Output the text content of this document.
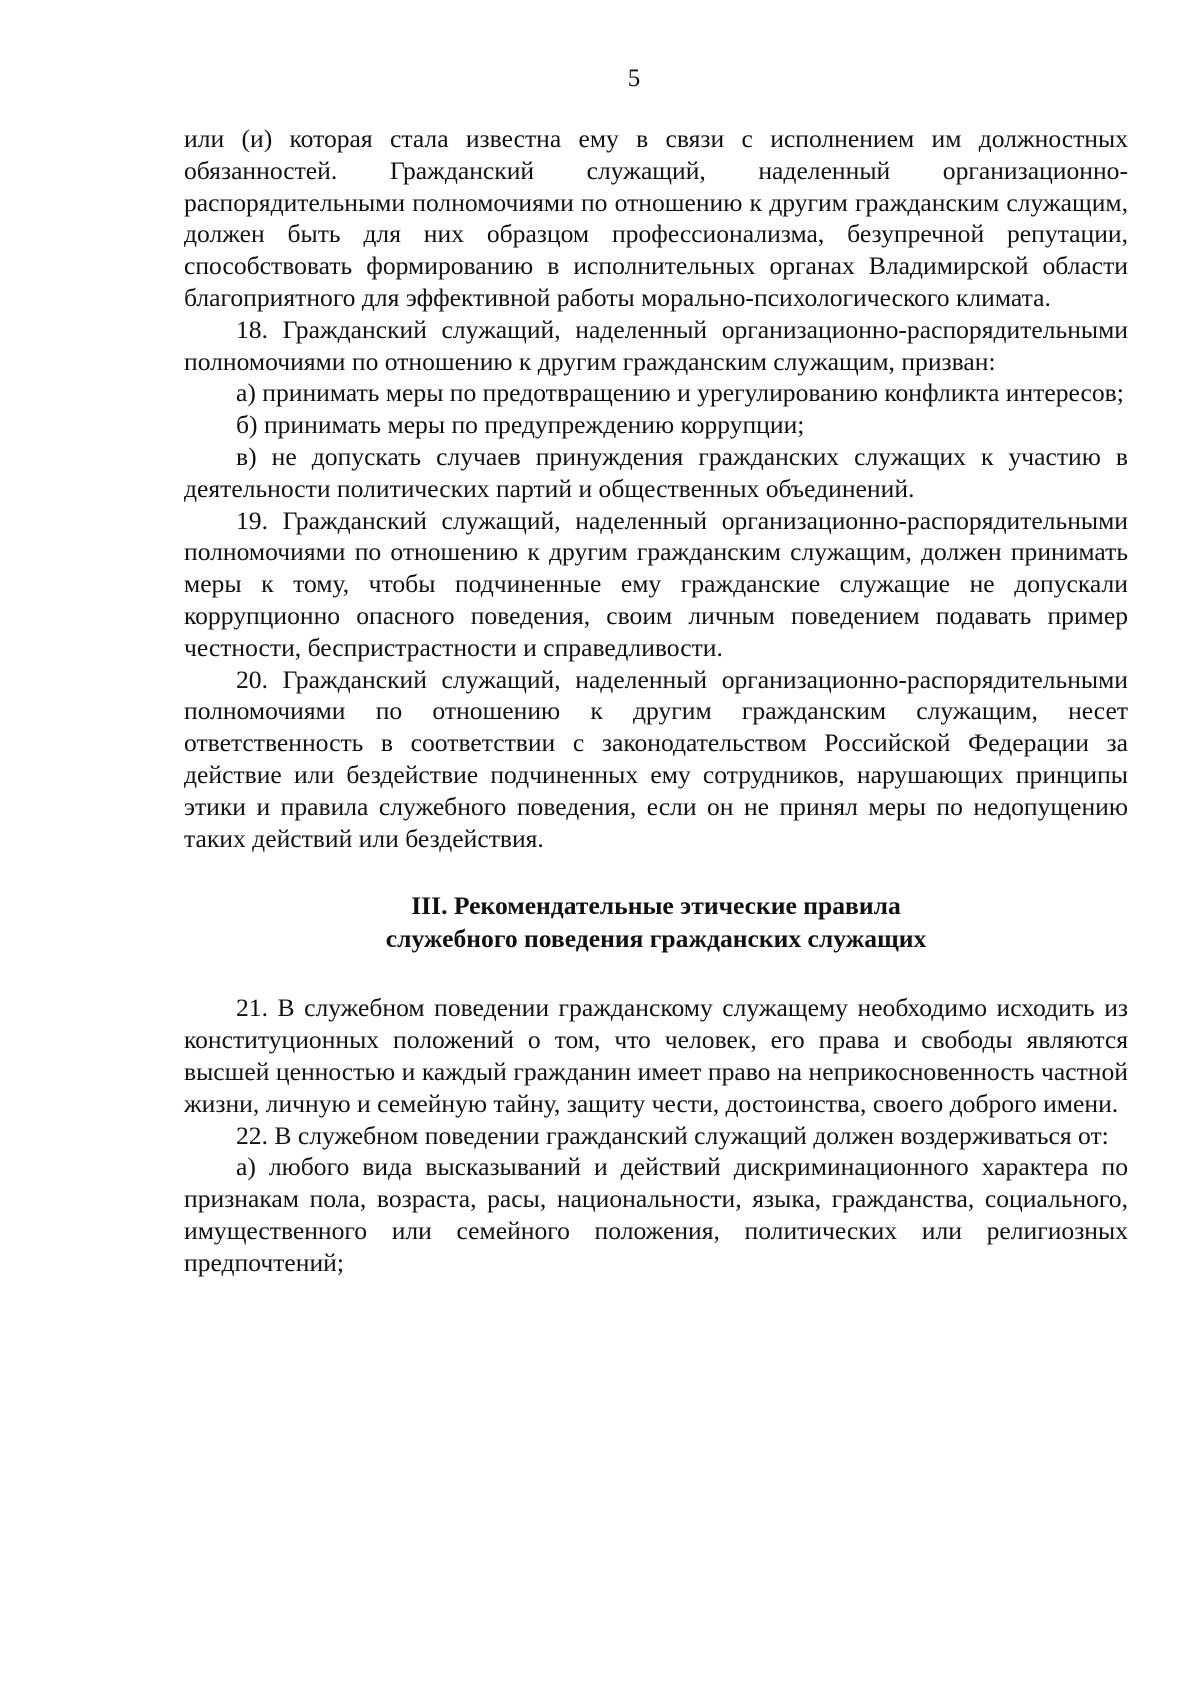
5

или (и) которая стала известна ему в связи с исполнением им должностных обязанностей. Гражданский служащий, наделенный организационно-распорядительными полномочиями по отношению к другим гражданским служащим, должен быть для них образцом профессионализма, безупречной репутации, способствовать формированию в исполнительных органах Владимирской области благоприятного для эффективной работы морально-психологического климата.

18. Гражданский служащий, наделенный организационно-распорядительными полномочиями по отношению к другим гражданским служащим, призван:

а) принимать меры по предотвращению и урегулированию конфликта интересов;

б) принимать меры по предупреждению коррупции;

в) не допускать случаев принуждения гражданских служащих к участию в деятельности политических партий и общественных объединений.

19. Гражданский служащий, наделенный организационно-распорядительными полномочиями по отношению к другим гражданским служащим, должен принимать меры к тому, чтобы подчиненные ему гражданские служащие не допускали коррупционно опасного поведения, своим личным поведением подавать пример честности, беспристрастности и справедливости.

20. Гражданский служащий, наделенный организационно-распорядительными полномочиями по отношению к другим гражданским служащим, несет ответственность в соответствии с законодательством Российской Федерации за действие или бездействие подчиненных ему сотрудников, нарушающих принципы этики и правила служебного поведения, если он не принял меры по недопущению таких действий или бездействия.

III. Рекомендательные этические правила
служебного поведения гражданских служащих

21. В служебном поведении гражданскому служащему необходимо исходить из конституционных положений о том, что человек, его права и свободы являются высшей ценностью и каждый гражданин имеет право на неприкосновенность частной жизни, личную и семейную тайну, защиту чести, достоинства, своего доброго имени.

22. В служебном поведении гражданский служащий должен воздерживаться от:

а) любого вида высказываний и действий дискриминационного характера по признакам пола, возраста, расы, национальности, языка, гражданства, социального, имущественного или семейного положения, политических или религиозных предпочтений;
